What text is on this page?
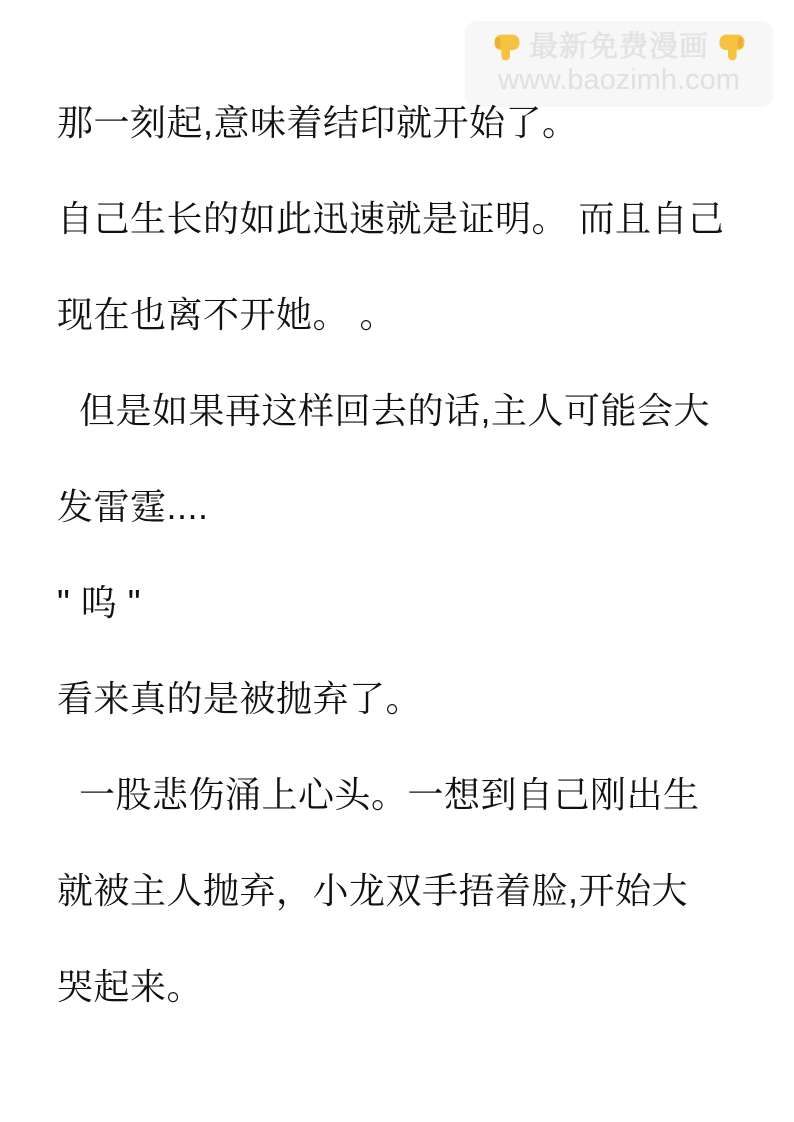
最新免费漫画
www.baozimh.com
那一刻起,意味着结印就开始了。
自己生长的如此迅速就是证明。 而且自己
现在也离不开她。 。
但是如果再这样回去的话,主人可能会大
发雷霆....
" 呜 "
看来真的是被抛弃了。
一股悲伤涌上心头。一想到自己刚出生
就被主人抛弃，小龙双手捂着脸,开始大
哭起来。
